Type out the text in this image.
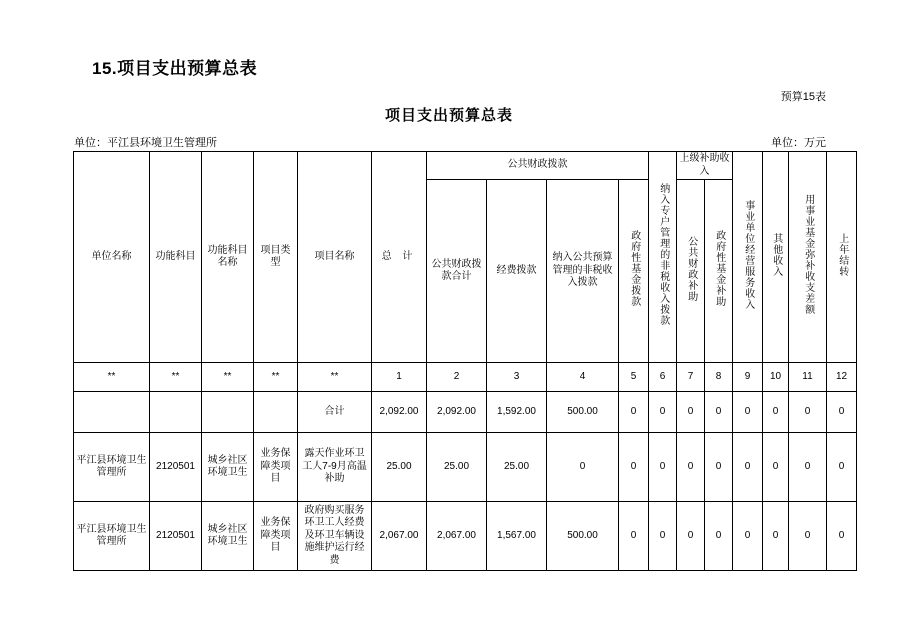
15.项目支出预算总表
预算15表
项目支出预算总表
单位：平江县环境卫生管理所	单位：万元
单位名称	功能科目	功能科目名称	项目类型	项目名称	总 计	公共财政拨款				纳入专户管理的非税收入拨款	上级补助收入		事业单位经营服务收入	其他收入	用事业基金弥补收支差额	上年结转
						公共财政拨款合计	经费拨款	纳入公共预算管理的非税收入拨款	政府性基金拨款		公共财政补助	政府性基金补助				
**	**	**	**	**	1	2	3	4	5	6	7	8	9	10	11	12
				合计	2,092.00	2,092.00	1,592.00	500.00	0	0	0	0	0	0	0	0
平江县环境卫生管理所	2120501	城乡社区环境卫生	业务保障类项目	露天作业环卫工人7-9月高温补助	25.00	25.00	25.00	0	0	0	0	0	0	0	0	0
平江县环境卫生管理所	2120501	城乡社区环境卫生	业务保障类项目	政府购买服务环卫工人经费及环卫车辆设施维护运行经费	2,067.00	2,067.00	1,567.00	500.00	0	0	0	0	0	0	0	0
